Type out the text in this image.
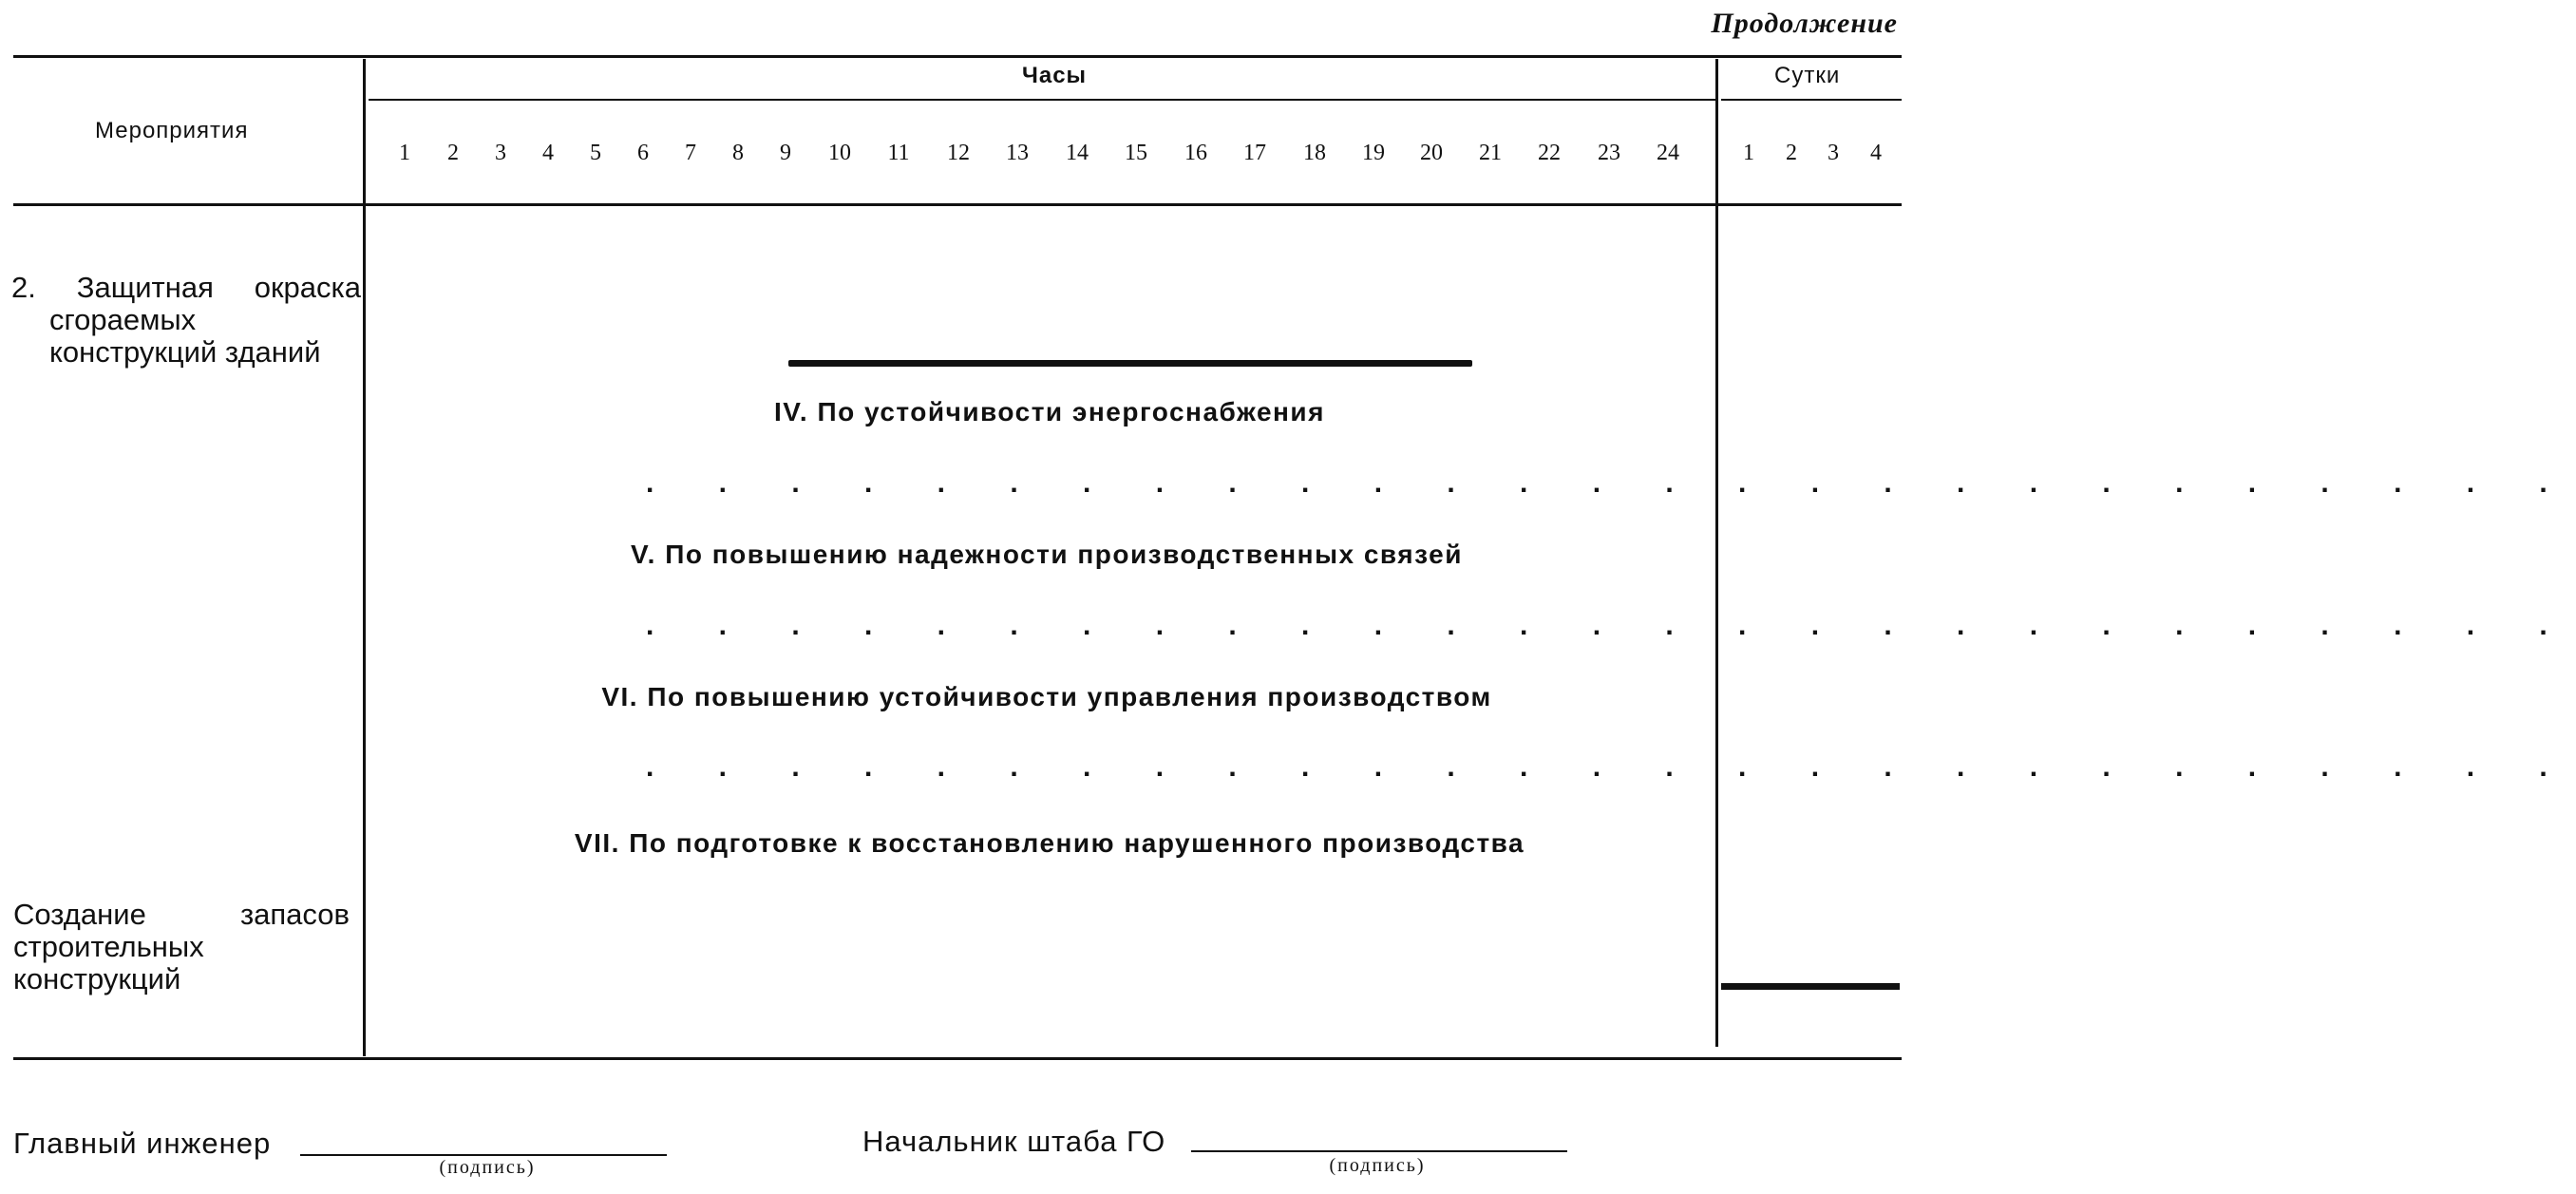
Продолжение
Мероприятия
Часы	Сутки
1 2 3 4 5 6 7 8 9 10 11 12 13 14 15 16 17 18 19 20 21 22 23 24	1 2 3 4
2. Защитная окраска сгораемых конструкций зданий
Создание запасов строительных конструкций
IV. По устойчивости энергоснабжения
. . . . . . . . . . . . . . . . . . . . . . . . . . .
V. По повышению надежности производственных связей
. . . . . . . . . . . . . . . . . . . . . . . . . . .
VI. По повышению устойчивости управления производством
. . . . . . . . . . . . . . . . . . . . . . . . . . .
VII. По подготовке к восстановлению нарушенного производства
Главный инженер
(подпись)
Начальник штаба ГО
(подпись)
